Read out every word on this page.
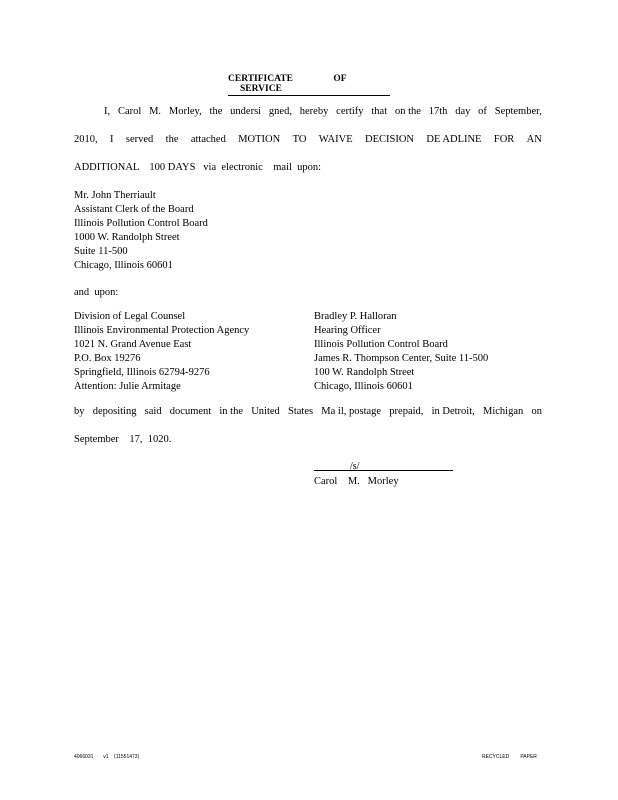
CERTIFICATE	OF SERVICE
I, Carol M. Morley, the undersi gned, hereby certify that on the 17th day of September,
2010, I served the attached MOTION TO WAIVE DECISION DE ADLINE FOR AN
ADDITIONAL    100 DAYS   via  electronic    mail  upon:
Mr. John Therriault
Assistant Clerk of the Board
Illinois Pollution Control Board
1000 W. Randolph Street
Suite 11-500
Chicago, Illinois 60601
and  upon:
Division of Legal Counsel
Illinois Environmental Protection Agency
1021 N. Grand Avenue East
P.O. Box 19276
Springfield, Illinois 62794-9276
Attention: Julie Armitage
Bradley P. Halloran
Hearing Officer
Illinois Pollution Control Board
James R. Thompson Center, Suite 11-500
100 W. Randolph Street
Chicago, Illinois 60601
by depositing said document in the United States Ma il, postage prepaid, in Detroit, Michigan on
September    17,  1020.
/s/
Carol    M.   Morley
4066031       v1    (11551473)	RECYCLED        PAPER
